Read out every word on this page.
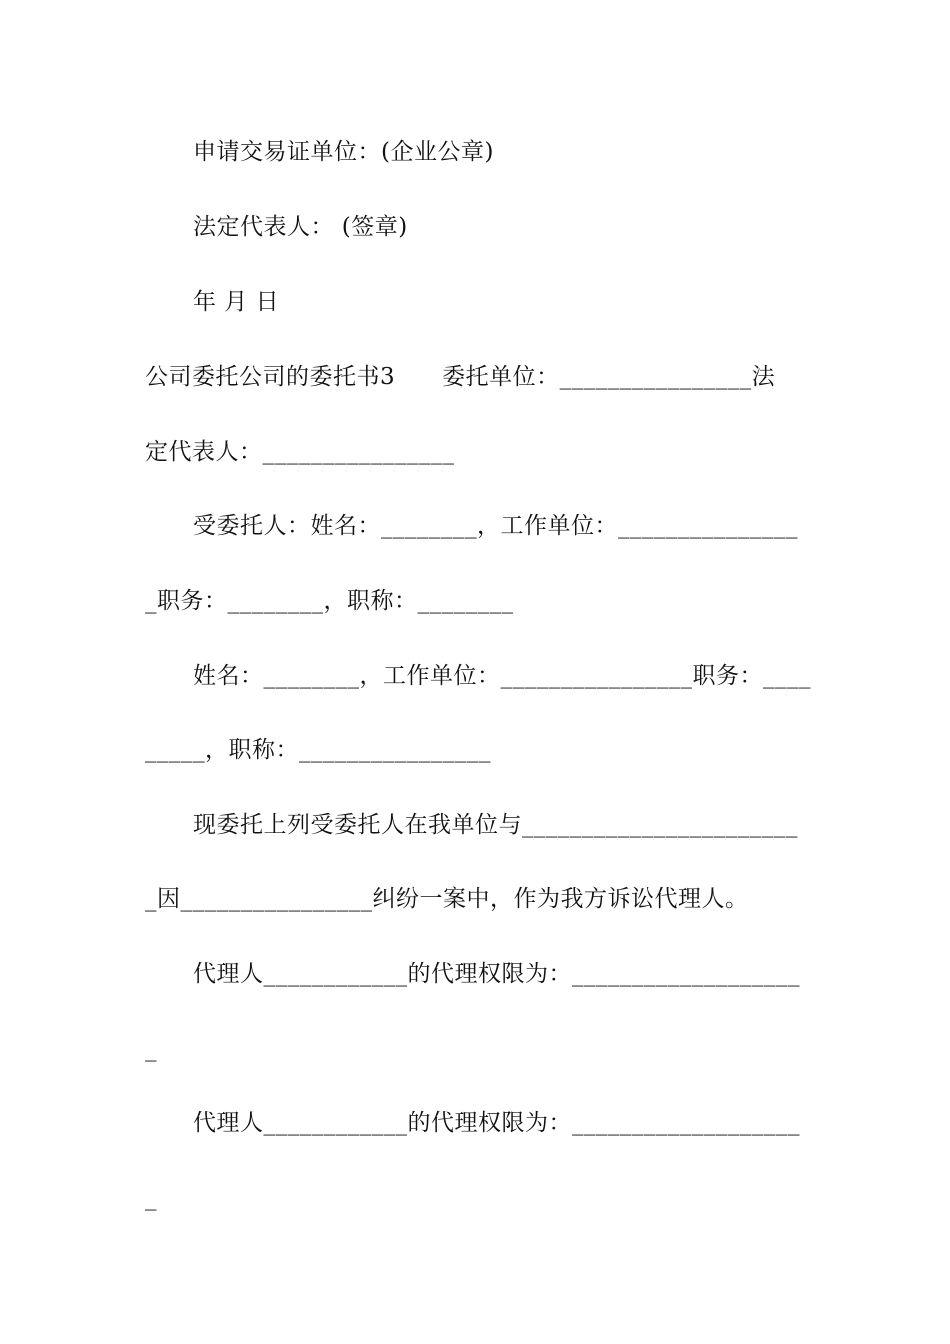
申请交易证单位：(企业公章)
法定代表人： (签章)
年 月 日
公司委托公司的委托书3　　委托单位：________________法
定代表人：________________
受委托人：姓名：________，工作单位：_______________
_职务：________，职称：________
姓名：________，工作单位：________________职务：____
_____，职称：________________
现委托上列受委托人在我单位与_______________________
_因________________纠纷一案中，作为我方诉讼代理人。
代理人____________的代理权限为：___________________
_
代理人____________的代理权限为：___________________
_
